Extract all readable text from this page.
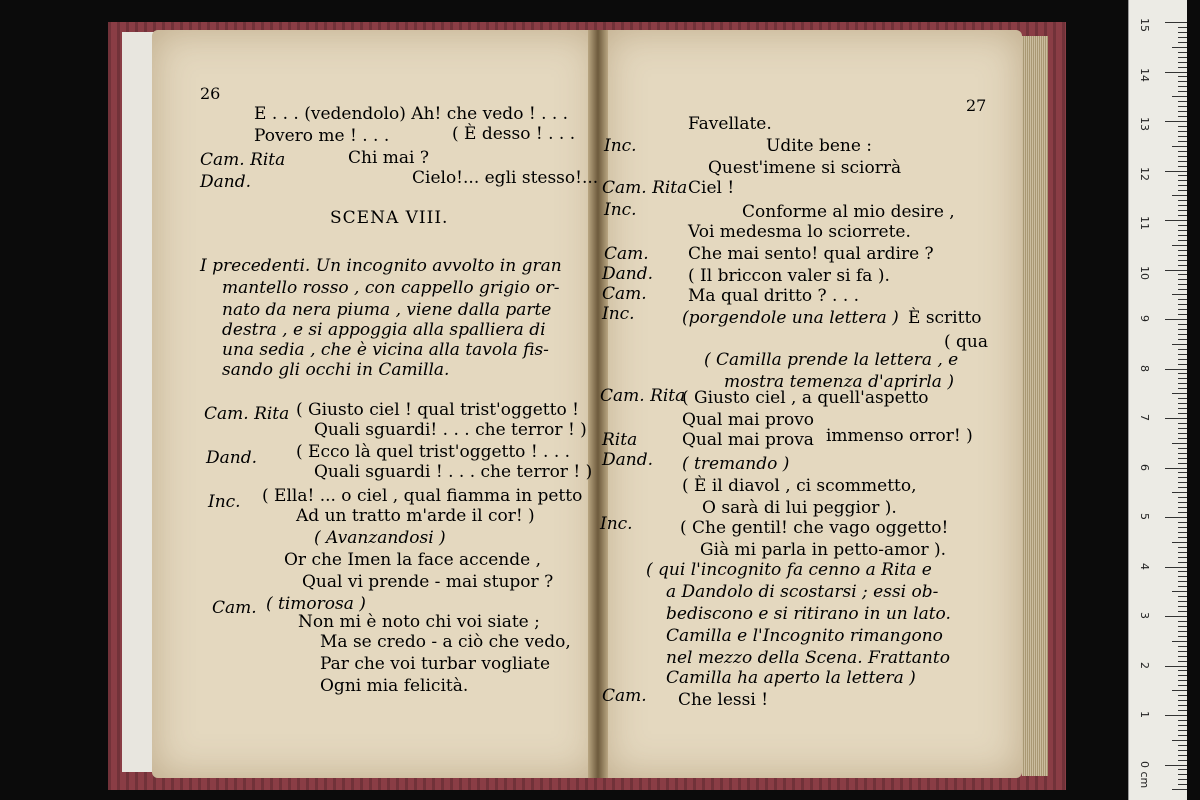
15
14
13
12
11
10
9
8
7
6
5
4
3
2
1
0 cm
26
E . . . (vedendolo) Ah! che vedo ! . . .
Povero me ! . . .	( È desso ! . . .
Cam. Rita	Chi mai ?
Dand.	Cielo!... egli stesso!...
SCENA VIII.
I precedenti. Un incognito avvolto in gran
mantello rosso , con cappello grigio or-
nato da nera piuma , viene dalla parte
destra , e si appoggia alla spalliera di
una sedia , che è vicina alla tavola fis-
sando gli occhi in Camilla.
Cam. Rita ( Giusto ciel ! qual trist'oggetto !
Quali sguardi! . . . che terror ! )
Dand. ( Ecco là quel trist'oggetto ! . . .
Quali sguardi ! . . . che terror ! )
Inc. ( Ella! ... o ciel , qual fiamma in petto
Ad un tratto m'arde il cor! )
( Avanzandosi )
Or che Imen la face accende ,
Qual vi prende - mai stupor ?
Cam. ( timorosa )
Non mi è noto chi voi siate ;
Ma se credo - a ciò che vedo,
Par che voi turbar vogliate
Ogni mia felicità.
27
Favellate.
Inc.	Udite bene :
Quest'imene si sciorrà
Cam. Rita Ciel !
Inc.	Conforme al mio desire ,
Voi medesma lo sciorrete.
Cam. Che mai sento! qual ardire ?
Dand. ( Il briccon valer si fa ).
Cam. Ma qual dritto ? . . .
Inc.	(porgendole una lettera ) È scritto
( qua
( Camilla prende la lettera , e
mostra temenza d'aprirla )
Cam. Rita
( Giusto ciel , a quell'aspetto
Qual mai provo
Rita	Qual mai prova immenso orror! )
Dand. ( tremando )
( È il diavol , ci scommetto,
O sarà di lui peggior ).
Inc.	( Che gentil! che vago oggetto!
Già mi parla in petto-amor ).
( qui l'incognito fa cenno a Rita e
a Dandolo di scostarsi ; essi ob-
bediscono e si ritirano in un lato.
Camilla e l'Incognito rimangono
nel mezzo della Scena. Frattanto
Camilla ha aperto la lettera )
Cam. Che lessi !
